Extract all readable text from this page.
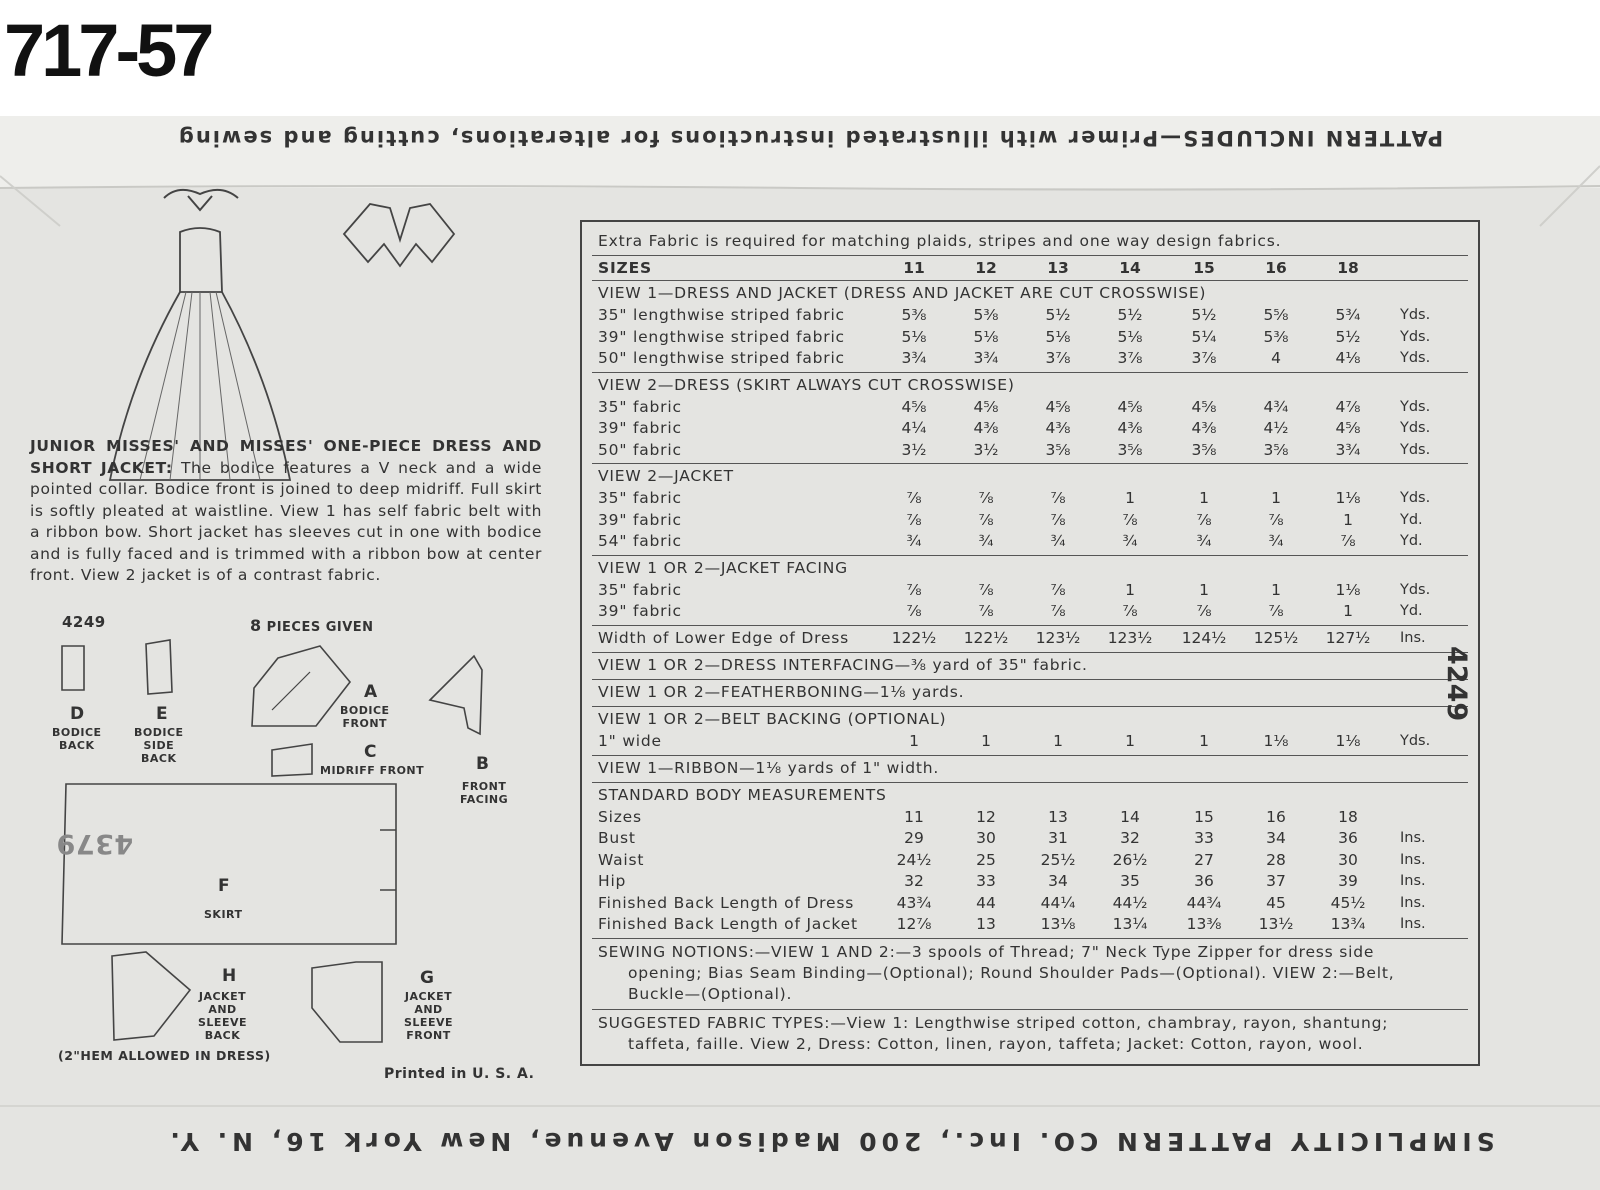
717-57
PATTERN INCLUDES—Primer with illustrated instructions for alterations, cutting and sewing
JUNIOR MISSES' AND MISSES' ONE-PIECE DRESS AND SHORT JACKET: The bodice features a V neck and a wide pointed collar. Bodice front is joined to deep midriff. Full skirt is softly pleated at waistline. View 1 has self fabric belt with a ribbon bow. Short jacket has sleeves cut in one with bodice and is fully faced and is trimmed with a ribbon bow at center front. View 2 jacket is of a contrast fabric.
4249	8 PIECES GIVEN
D
BODICE
BACK
E
BODICE
SIDE
BACK
A
BODICE
FRONT
B
FRONT
FACING
C
MIDRIFF FRONT
F
SKIRT
4379
H
JACKET
AND
SLEEVE
BACK
G
JACKET
AND
SLEEVE
FRONT
(2"HEM ALLOWED IN DRESS)
Printed in U. S. A.
Extra Fabric is required for matching plaids, stripes and one way design fabrics.
SIZES	11	12	13	14	15	16	18
VIEW 1—DRESS AND JACKET (DRESS AND JACKET ARE CUT CROSSWISE)
35" lengthwise striped fabric	5⅜	5⅜	5½	5½	5½	5⅝	5¾	Yds.
39" lengthwise striped fabric	5⅛	5⅛	5⅛	5⅛	5¼	5⅜	5½	Yds.
50" lengthwise striped fabric	3¾	3¾	3⅞	3⅞	3⅞	4	4⅛	Yds.
VIEW 2—DRESS (SKIRT ALWAYS CUT CROSSWISE)
35" fabric	4⅝	4⅝	4⅝	4⅝	4⅝	4¾	4⅞	Yds.
39" fabric	4¼	4⅜	4⅜	4⅜	4⅜	4½	4⅝	Yds.
50" fabric	3½	3½	3⅝	3⅝	3⅝	3⅝	3¾	Yds.
VIEW 2—JACKET
35" fabric	⅞	⅞	⅞	1	1	1	1⅛	Yds.
39" fabric	⅞	⅞	⅞	⅞	⅞	⅞	1	Yd.
54" fabric	¾	¾	¾	¾	¾	¾	⅞	Yd.
VIEW 1 OR 2—JACKET FACING
35" fabric	⅞	⅞	⅞	1	1	1	1⅛	Yds.
39" fabric	⅞	⅞	⅞	⅞	⅞	⅞	1	Yd.
Width of Lower Edge of Dress	122½	122½	123½	123½	124½	125½	127½	Ins.
VIEW 1 OR 2—DRESS INTERFACING—⅜ yard of 35" fabric.
VIEW 1 OR 2—FEATHERBONING—1⅛ yards.
VIEW 1 OR 2—BELT BACKING (OPTIONAL)
1" wide	1	1	1	1	1	1⅛	1⅛	Yds.
VIEW 1—RIBBON—1⅛ yards of 1" width.
STANDARD BODY MEASUREMENTS
Sizes	11	12	13	14	15	16	18
Bust	29	30	31	32	33	34	36	Ins.
Waist	24½	25	25½	26½	27	28	30	Ins.
Hip	32	33	34	35	36	37	39	Ins.
Finished Back Length of Dress	43¾	44	44¼	44½	44¾	45	45½	Ins.
Finished Back Length of Jacket	12⅞	13	13⅛	13¼	13⅜	13½	13¾	Ins.
SEWING NOTIONS:—VIEW 1 AND 2:—3 spools of Thread; 7" Neck Type Zipper for dress side
opening; Bias Seam Binding—(Optional); Round Shoulder Pads—(Optional). VIEW 2:—Belt,
Buckle—(Optional).
SUGGESTED FABRIC TYPES:—View 1: Lengthwise striped cotton, chambray, rayon, shantung;
taffeta, faille. View 2, Dress: Cotton, linen, rayon, taffeta; Jacket: Cotton, rayon, wool.
4249
SIMPLICITY PATTERN CO. Inc., 200 Madison Avenue, New York 16, N. Y.
